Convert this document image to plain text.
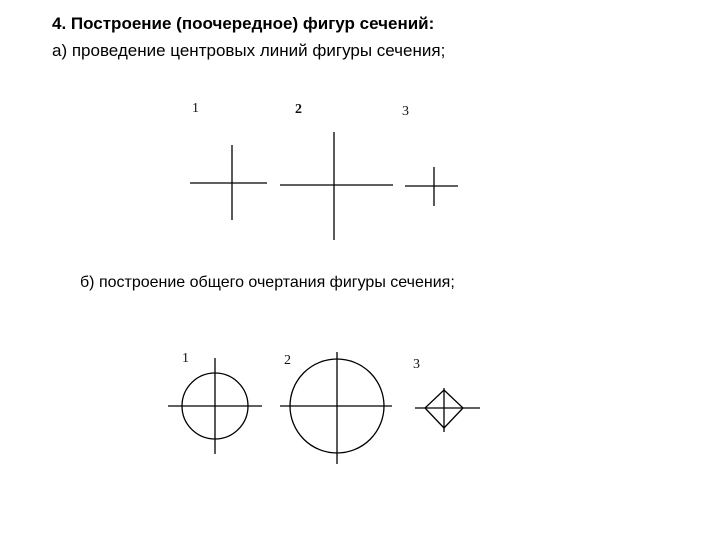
4. Построение (поочередное) фигур сечений:

а) проведение центровых линий фигуры сечения;

б) построение общего очертания фигуры сечения;

1	2	3
1	2	3
